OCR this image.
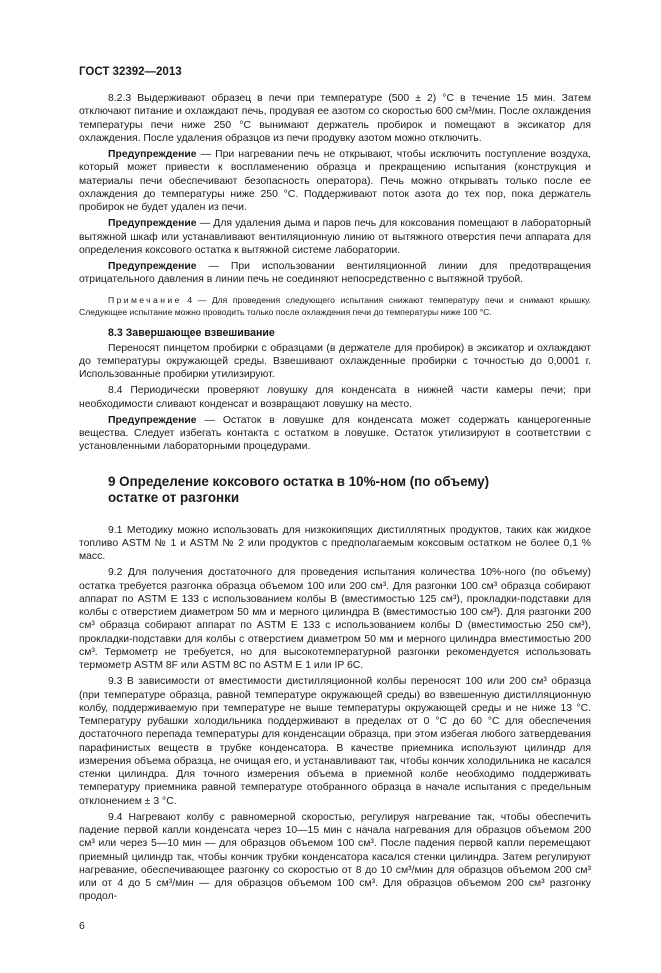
ГОСТ 32392—2013

8.2.3 Выдерживают образец в печи при температуре (500 ± 2) °С в течение 15 мин. Затем отключают питание и охлаждают печь, продувая ее азотом со скоростью 600 см³/мин. После охлаждения температуры печи ниже 250 °С вынимают держатель пробирок и помещают в эксикатор для охлаждения. После удаления образцов из печи продувку азотом можно отключить.

Предупреждение — При нагревании печь не открывают, чтобы исключить поступление воздуха, который может привести к воспламенению образца и прекращению испытания (конструкция и материалы печи обеспечивают безопасность оператора). Печь можно открывать только после ее охлаждения до температуры ниже 250 °С. Поддерживают поток азота до тех пор, пока держатель пробирок не будет удален из печи.

Предупреждение — Для удаления дыма и паров печь для коксования помещают в лабораторный вытяжной шкаф или устанавливают вентиляционную линию от вытяжного отверстия печи аппарата для определения коксового остатка к вытяжной системе лаборатории.

Предупреждение — При использовании вентиляционной линии для предотвращения отрицательного давления в линии печь не соединяют непосредственно с вытяжной трубой.

Примечание 4 — Для проведения следующего испытания снижают температуру печи и снимают крышку. Следующее испытание можно проводить только после охлаждения печи до температуры ниже 100 °С.

8.3 Завершающее взвешивание

Переносят пинцетом пробирки с образцами (в держателе для пробирок) в эксикатор и охлаждают до температуры окружающей среды. Взвешивают охлажденные пробирки с точностью до 0,0001 г. Использованные пробирки утилизируют.

8.4 Периодически проверяют ловушку для конденсата в нижней части камеры печи; при необходимости сливают конденсат и возвращают ловушку на место.

Предупреждение — Остаток в ловушке для конденсата может содержать канцерогенные вещества. Следует избегать контакта с остатком в ловушке. Остаток утилизируют в соответствии с установленными лабораторными процедурами.

9 Определение коксового остатка в 10%-ном (по объему)
остатке от разгонки

9.1 Методику можно использовать для низкокипящих дистиллятных продуктов, таких как жидкое топливо ASTM № 1 и ASTM № 2 или продуктов с предполагаемым коксовым остатком не более 0,1 % масс.

9.2 Для получения достаточного для проведения испытания количества 10%-ного (по объему) остатка требуется разгонка образца объемом 100 или 200 см³. Для разгонки 100 см³ образца собирают аппарат по ASTM E 133 с использованием колбы В (вместимостью 125 см³), прокладки-подставки для колбы с отверстием диаметром 50 мм и мерного цилиндра В (вместимостью 100 см³). Для разгонки 200 см³ образца собирают аппарат по ASTM E 133 с использованием колбы D (вместимостью 250 см³), прокладки-подставки для колбы с отверстием диаметром 50 мм и мерного цилиндра вместимостью 200 см³. Термометр не требуется, но для высокотемпературной разгонки рекомендуется использовать термометр ASTM 8F или ASTM 8C по ASTM E 1 или IP 6C.

9.3 В зависимости от вместимости дистилляционной колбы переносят 100 или 200 см³ образца (при температуре образца, равной температуре окружающей среды) во взвешенную дистилляционную колбу, поддерживаемую при температуре не выше температуры окружающей среды и не ниже 13 °С. Температуру рубашки холодильника поддерживают в пределах от 0 °С до 60 °С для обеспечения достаточного перепада температуры для конденсации образца, при этом избегая любого затвердевания парафинистых веществ в трубке конденсатора. В качестве приемника используют цилиндр для измерения объема образца, не очищая его, и устанавливают так, чтобы кончик холодильника не касался стенки цилиндра. Для точного измерения объема в приемной колбе необходимо поддерживать температуру приемника равной температуре отобранного образца в начале испытания с предельным отклонением ± 3 °С.

9.4 Нагревают колбу с равномерной скоростью, регулируя нагревание так, чтобы обеспечить падение первой капли конденсата через 10—15 мин с начала нагревания для образцов объемом 200 см³ или через 5—10 мин — для образцов объемом 100 см³. После падения первой капли перемещают приемный цилиндр так, чтобы кончик трубки конденсатора касался стенки цилиндра. Затем регулируют нагревание, обеспечивающее разгонку со скоростью от 8 до 10 см³/мин для образцов объемом 200 см³ или от 4 до 5 см³/мин — для образцов объемом 100 см³. Для образцов объемом 200 см³ разгонку продол-

6
